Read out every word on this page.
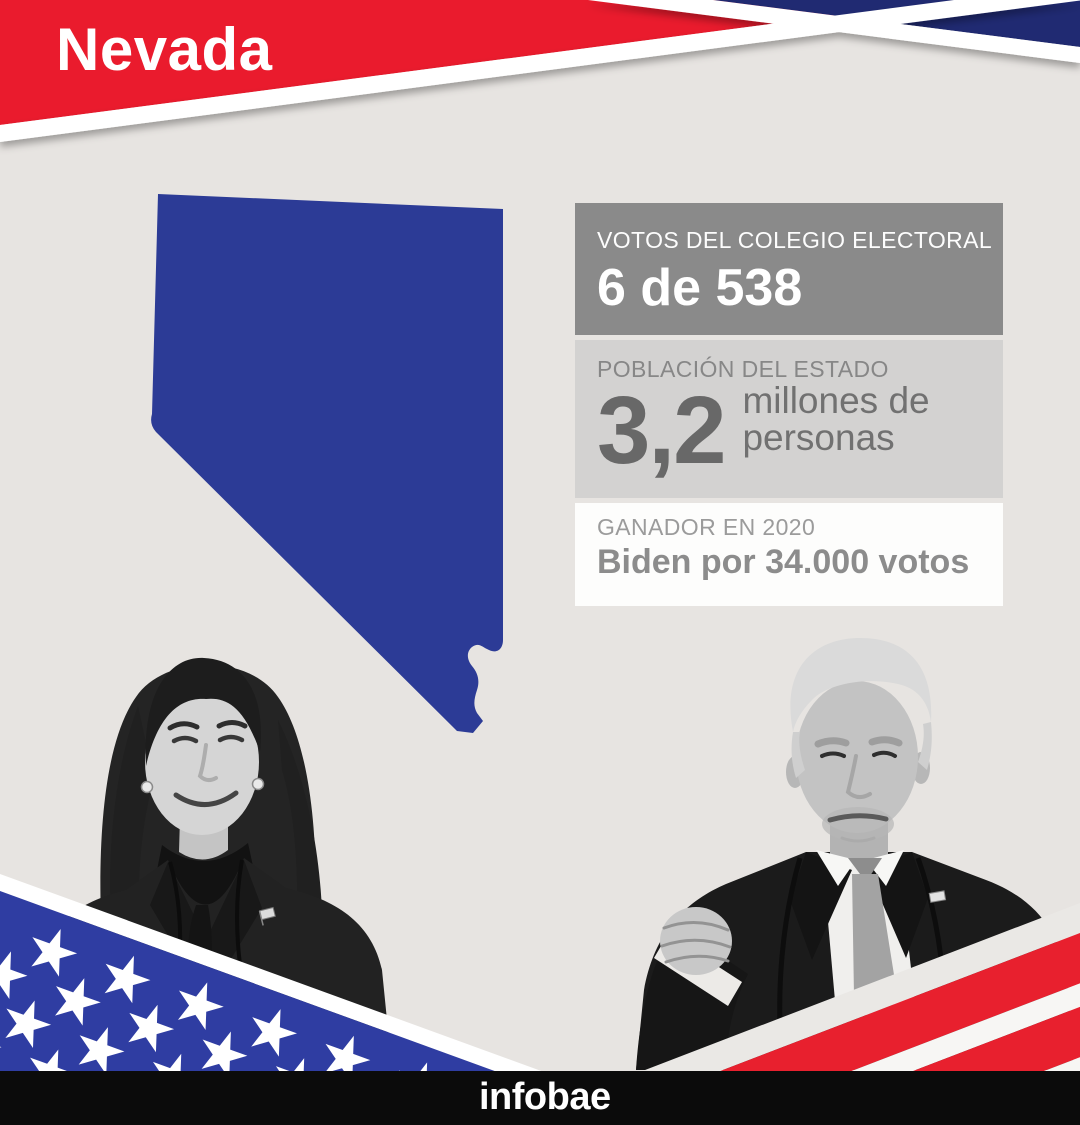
Nevada
VOTOS DEL COLEGIO ELECTORAL
6 de 538
POBLACIÓN DEL ESTADO
3,2 millones de
personas
GANADOR EN 2020
Biden por 34.000 votos
infobae
